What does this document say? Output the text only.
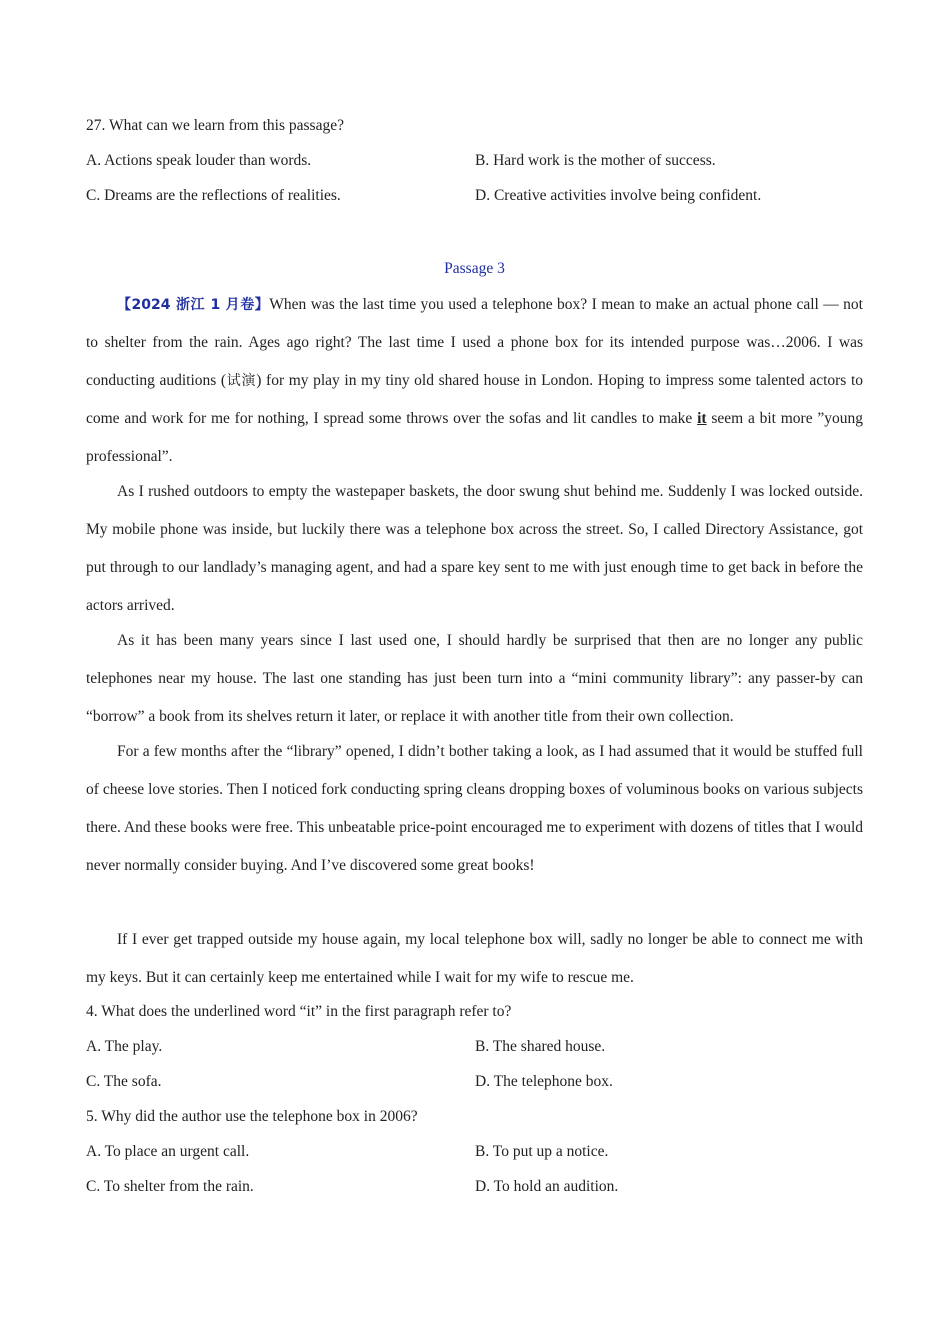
27. What can we learn from this passage?
A. Actions speak louder than words.	B. Hard work is the mother of success.
C. Dreams are the reflections of realities.	D. Creative activities involve being confident.
Passage 3

【2024 浙江 1 月卷】When was the last time you used a telephone box? I mean to make an actual phone call — not to shelter from the rain. Ages ago right? The last time I used a phone box for its intended purpose was…2006. I was conducting auditions (试演) for my play in my tiny old shared house in London. Hoping to impress some talented actors to come and work for me for nothing, I spread some throws over the sofas and lit candles to make it seem a bit more ”young professional”.

As I rushed outdoors to empty the wastepaper baskets, the door swung shut behind me. Suddenly I was locked outside. My mobile phone was inside, but luckily there was a telephone box across the street. So, I called Directory Assistance, got put through to our landlady’s managing agent, and had a spare key sent to me with just enough time to get back in before the actors arrived.

As it has been many years since I last used one, I should hardly be surprised that then are no longer any public telephones near my house. The last one standing has just been turn into a “mini community library”: any passer-by can “borrow” a book from its shelves return it later, or replace it with another title from their own collection.

For a few months after the “library” opened, I didn’t bother taking a look, as I had assumed that it would be stuffed full of cheese love stories. Then I noticed fork conducting spring cleans dropping boxes of voluminous books on various subjects there. And these books were free. This unbeatable price-point encouraged me to experiment with dozens of titles that I would never normally consider buying. And I’ve discovered some great books!

If I ever get trapped outside my house again, my local telephone box will, sadly no longer be able to connect me with my keys. But it can certainly keep me entertained while I wait for my wife to rescue me.

4. What does the underlined word “it” in the first paragraph refer to?
A. The play.	B. The shared house.
C. The sofa.	D. The telephone box.
5. Why did the author use the telephone box in 2006?
A. To place an urgent call.	B. To put up a notice.
C. To shelter from the rain.	D. To hold an audition.
